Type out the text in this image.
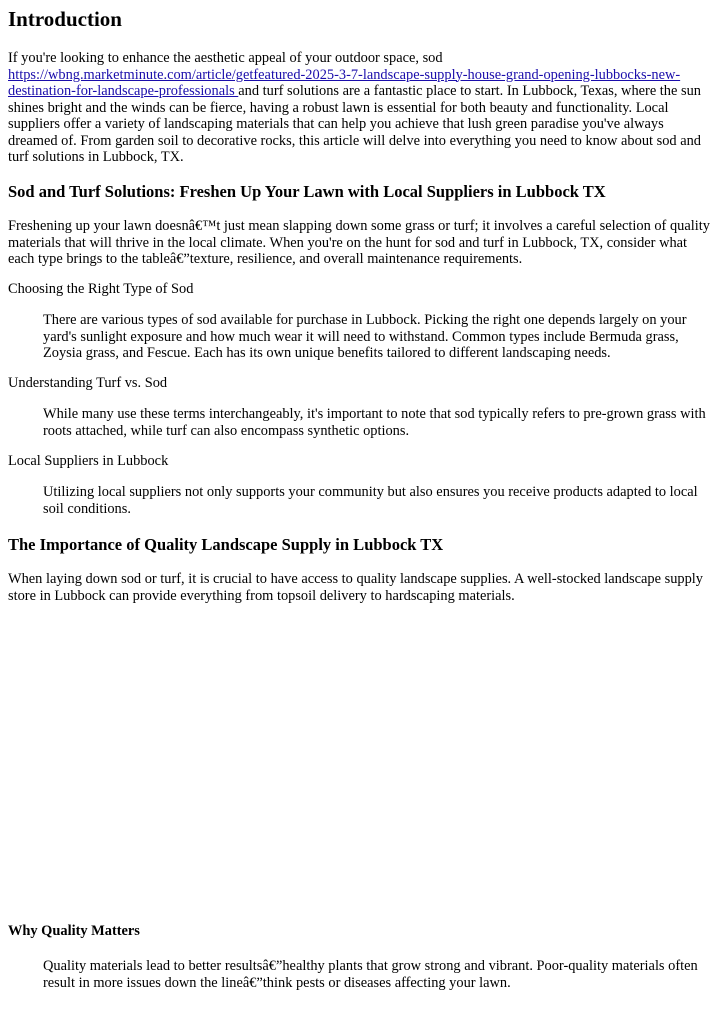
Introduction

If you're looking to enhance the aesthetic appeal of your outdoor space, sod https://wbng.marketminute.com/article/getfeatured-2025-3-7-landscape-supply-house-grand-opening-lubbocks-new-destination-for-landscape-professionals and turf solutions are a fantastic place to start. In Lubbock, Texas, where the sun shines bright and the winds can be fierce, having a robust lawn is essential for both beauty and functionality. Local suppliers offer a variety of landscaping materials that can help you achieve that lush green paradise you've always dreamed of. From garden soil to decorative rocks, this article will delve into everything you need to know about sod and turf solutions in Lubbock, TX.

Sod and Turf Solutions: Freshen Up Your Lawn with Local Suppliers in Lubbock TX

Freshening up your lawn doesnâ€™t just mean slapping down some grass or turf; it involves a careful selection of quality materials that will thrive in the local climate. When you're on the hunt for sod and turf in Lubbock, TX, consider what each type brings to the tableâ€”texture, resilience, and overall maintenance requirements.

Choosing the Right Type of Sod

There are various types of sod available for purchase in Lubbock. Picking the right one depends largely on your yard's sunlight exposure and how much wear it will need to withstand. Common types include Bermuda grass, Zoysia grass, and Fescue. Each has its own unique benefits tailored to different landscaping needs.

Understanding Turf vs. Sod

While many use these terms interchangeably, it's important to note that sod typically refers to pre-grown grass with roots attached, while turf can also encompass synthetic options.

Local Suppliers in Lubbock

Utilizing local suppliers not only supports your community but also ensures you receive products adapted to local soil conditions.

The Importance of Quality Landscape Supply in Lubbock TX

When laying down sod or turf, it is crucial to have access to quality landscape supplies. A well-stocked landscape supply store in Lubbock can provide everything from topsoil delivery to hardscaping materials.

Why Quality Matters

Quality materials lead to better resultsâ€”healthy plants that grow strong and vibrant. Poor-quality materials often result in more issues down the lineâ€”think pests or diseases affecting your lawn.
